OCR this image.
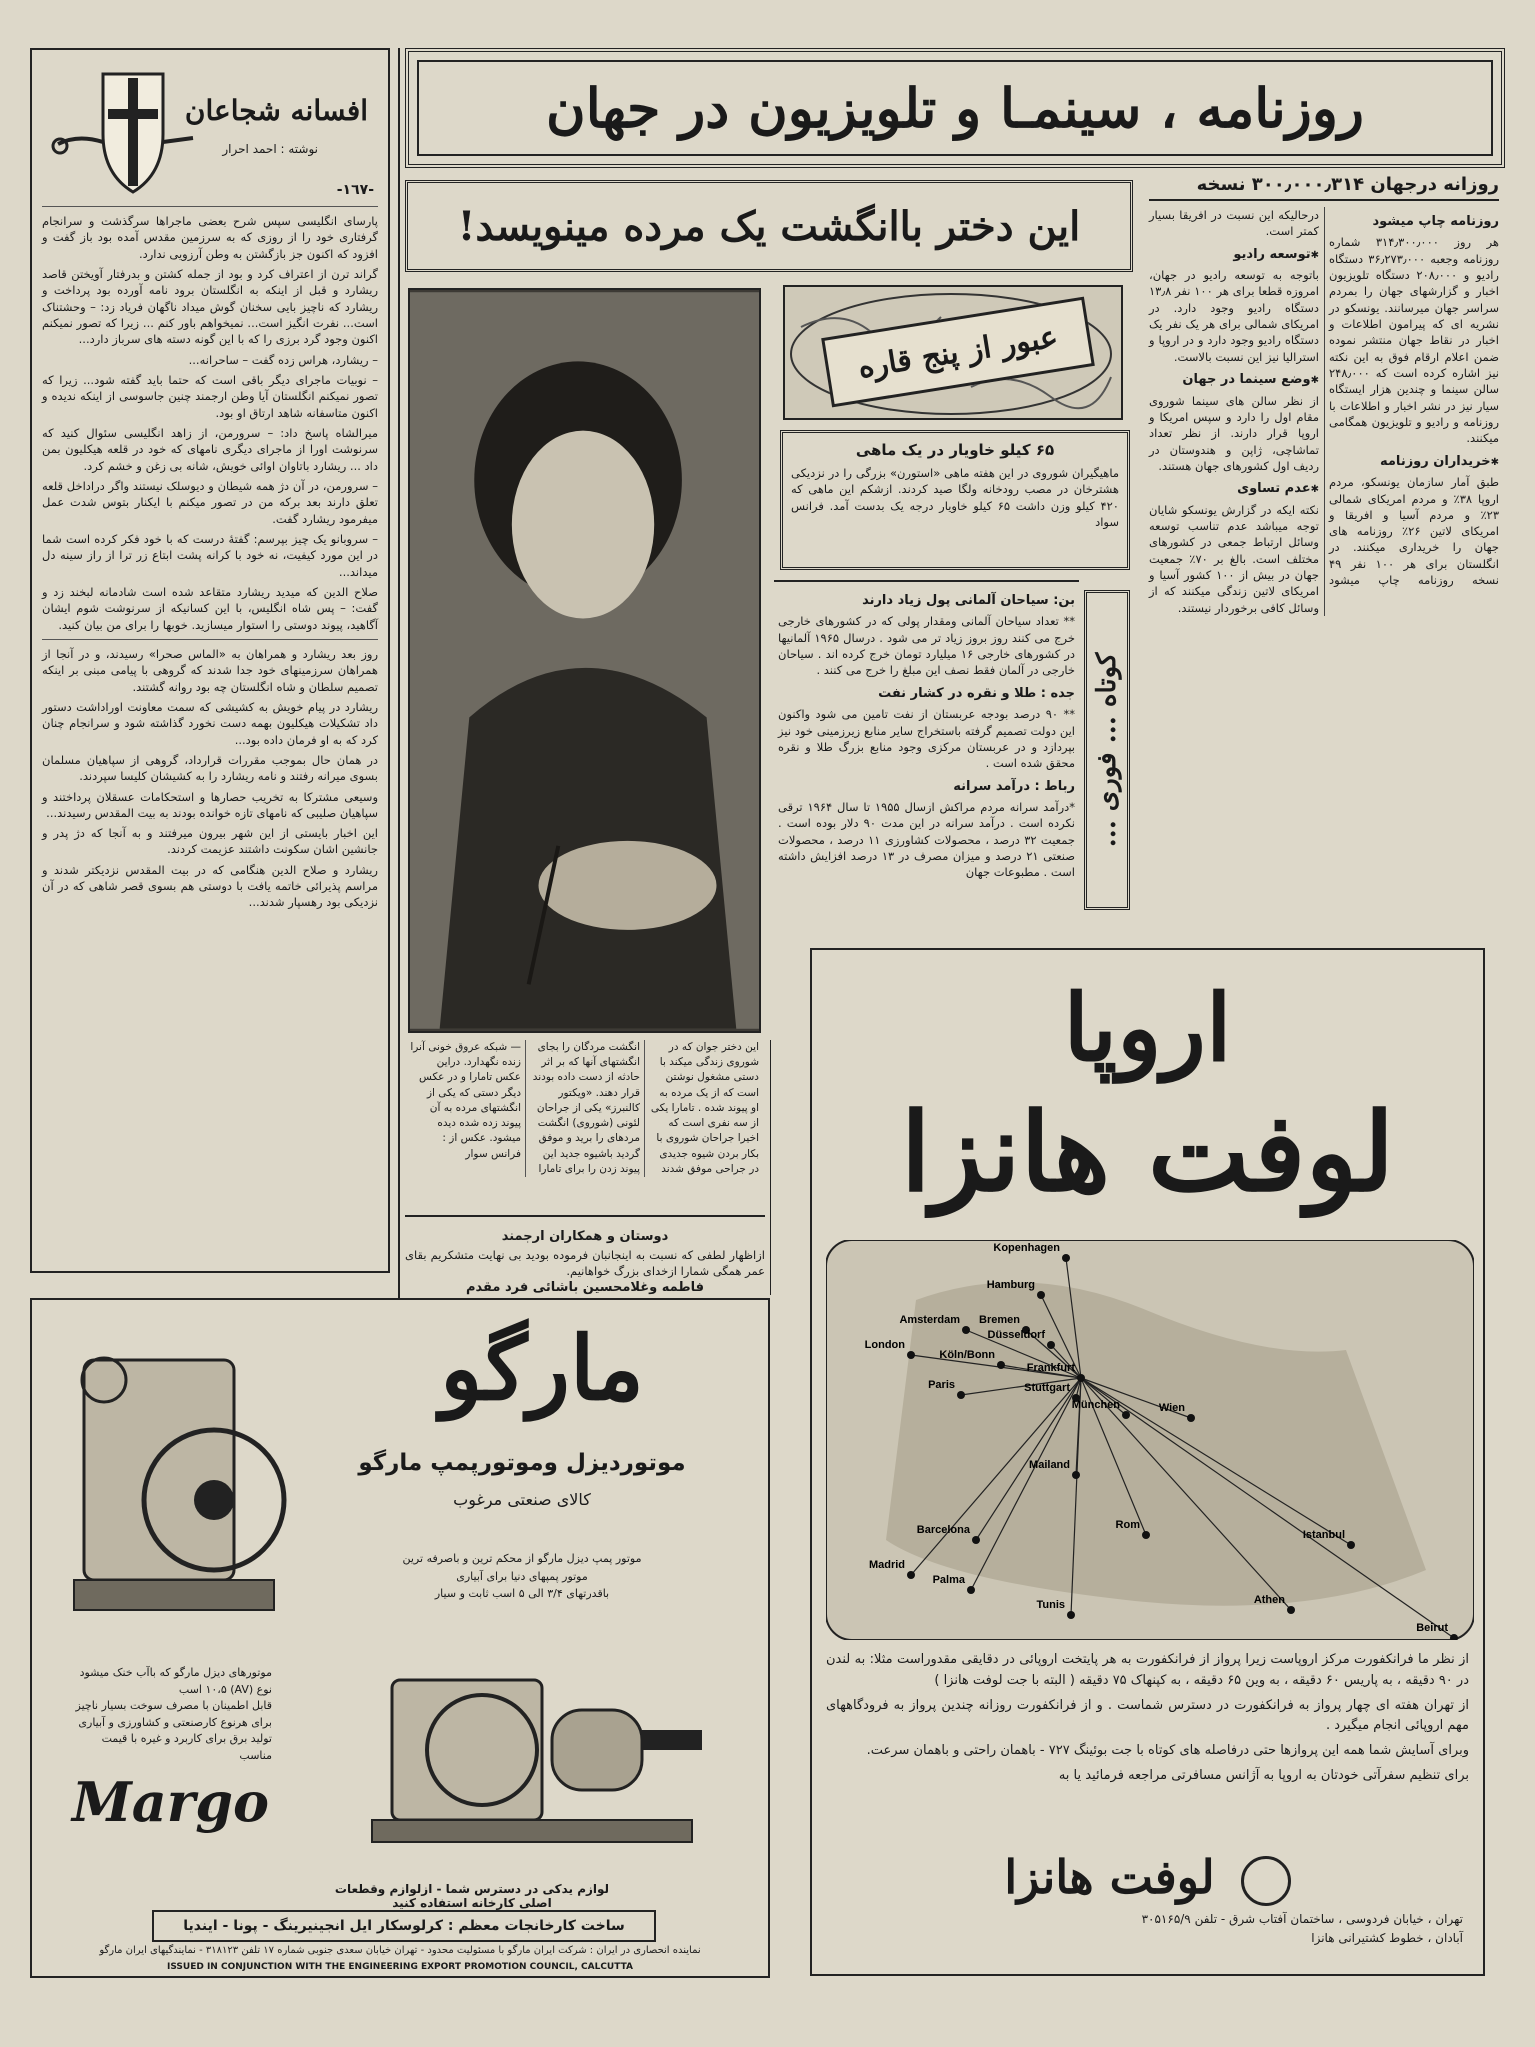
روزنامه ، سینمـا و تلویزیون در جهان
افسانه شجاعان
نوشته : احمد احرار
-١٦٧-

پارسای انگلیسی سپس شرح بعضی ماجراها سرگذشت و سرانجام گرفتاری خود را از روزی که به سرزمین مقدس آمده بود باز گفت و افزود که اکنون جز بازگشتن به وطن آرزویی ندارد.

گراند ترن از اعتراف کرد و بود از جمله کشتن و بدرفتار آویختن قاصد ریشارد و قبل از اینکه به انگلستان برود نامه آورده بود پرداخت و ریشارد که ناچیز بایی سخنان گوش میداد ناگهان فریاد زد: – وحشتناک است... نفرت انگیز است... نمیخواهم باور کنم ... زیرا که تصور نمیکنم اکنون وجود گرد برزی را که با این گونه دسته های سرباز دارد...

– ریشارد، هراس زده گفت – ساحرانه...

– نوبیات ماجرای دیگر باقی است که حتما باید گفته شود... زیرا که تصور نمیکنم انگلستان آیا وطن ارجمند چنین جاسوسی از اینکه ندیده و اکنون متاسفانه شاهد ارتاق او بود.

میرالشاه پاسخ داد: – سرورمن، از زاهد انگلیسی سئوال کنید که سرنوشت اورا از ماجرای دیگری نامهای که خود در قلعه هیکلیون بمن داد ... ریشارد باتاوان اوائی خویش، شانه بی زغن و خشم کرد.

– سرورمن، در آن دژ همه شیطان و دیوسلک نیستند واگر دراداخل قلعه تعلق دارند بعد برکه من در تصور میکنم با ایکنار بتوس شدت عمل میفرمود ریشارد گفت.

– سروبانو یک چیز بپرسم: گفتهٔ درست که با خود فکر کرده است شما در این مورد کیفیت، نه خود با کرانه پشت ابتاع زر ترا از راز سینه دل میداند...

صلاح الدین که میدید ریشارد متقاعد شده است شادمانه لبخند زد و گفت: – پس شاه انگلیس، با این کسانیکه از سرنوشت شوم ایشان آگاهید، پیوند دوستی را استوار میسازید. خوبها را برای من بیان کنید.

روز بعد ریشارد و همراهان به «الماس صحرا» رسیدند، و در آنجا از همراهان سرزمینهای خود جدا شدند که گروهی با پیامی مبنی بر اینکه تصمیم سلطان و شاه انگلستان چه بود روانه گشتند.

ریشارد در پیام خویش به کشیشی که سمت معاونت اوراداشت دستور داد تشکیلات هیکلیون بهمه دست نخورد گذاشته شود و سرانجام چنان کرد که به او فرمان داده بود...

در همان حال بموجب مقررات قرارداد، گروهی از سپاهیان مسلمان بسوی میرانه رفتند و نامه ریشارد را به کشیشان کلیسا سپردند.

وسیعی مشترکا به تخریب حصارها و استحکامات عسقلان پرداختند و سپاهیان صلیبی که نامهای تازه خوانده بودند به بیت المقدس رسیدند...

این اخبار بایستی از این شهر بیرون میرفتند و به آنجا که دژ پدر و جانشین اشان سکونت داشتند عزیمت کردند.

ریشارد و صلاح الدین هنگامی که در بیت المقدس نزدیکتر شدند و مراسم پذیرائی خاتمه یافت با دوستی هم بسوی قصر شاهی که در آن نزدیکی بود رهسپار شدند...

روزانه درجهان ۳۰۰٫۰۰۰٫۳۱۴ نسخه
روزنامه چاپ میشود

هر روز ۳۱۴٫۳۰۰٫۰۰۰ شماره روزنامه وجعبه ۳۶٫۲۷۳٫۰۰۰ دستگاه رادیو و ۲۰۸٫۰۰۰ دستگاه تلویزیون اخبار و گزارشهای جهان را بمردم سراسر جهان میرسانند. یونسکو در نشریه ای که پیرامون اطلاعات و اخبار در نقاط جهان منتشر نموده ضمن اعلام ارقام فوق به این نکته نیز اشاره کرده است که ۲۴۸٫۰۰۰ سالن سینما و چندین هزار ایستگاه سیار نیز در نشر اخبار و اطلاعات با روزنامه و رادیو و تلویزیون همگامی میکنند.

✱ خریداران روزنامه

طبق آمار سازمان یونسکو، مردم اروپا ۳۸٪ و مردم امریکای شمالی ۲۳٪ و مردم آسیا و افریقا و امریکای لاتین ۲۶٪ روزنامه های جهان را خریداری میکنند. در انگلستان برای هر ۱۰۰ نفر ۴۹ نسخه روزنامه چاپ میشود درحالیکه این نسبت در افریقا بسیار کمتر است.

✱ توسعه رادیو

باتوجه به توسعه رادیو در جهان، امروزه قطعا برای هر ۱۰۰ نفر ۱۳٫۸ دستگاه رادیو وجود دارد. در امریکای شمالی برای هر یک نفر یک دستگاه رادیو وجود دارد و در اروپا و استرالیا نیز این نسبت بالاست.

✱ وضع سینما در جهان

از نظر سالن های سینما شوروی مقام اول را دارد و سپس امریکا و اروپا قرار دارند. از نظر تعداد تماشاچی، ژاپن و هندوستان در ردیف اول کشورهای جهان هستند.

✱ عدم تساوی

نکته ایکه در گزارش یونسکو شایان توجه میباشد عدم تناسب توسعه وسائل ارتباط جمعی در کشورهای مختلف است. بالغ بر ۷۰٪ جمعیت جهان در بیش از ۱۰۰ کشور آسیا و امریکای لاتین زندگی میکنند که از وسائل کافی برخوردار نیستند.

این دختر باانگشت یک مرده مینویسد!
این دختر جوان که در شوروی زندگی میکند با دستی مشغول نوشتن است که از یک مرده به او پیوند شده . تامارا یکی از سه نفری است که اخیرا جراحان شوروی با بکار بردن شیوه جدیدی در جراحی موفق شدند انگشت مردگان را بجای انگشتهای آنها که بر اثر حادثه از دست داده بودند قرار دهند. «ویکتور کالنبرز» یکی از جراحان لئونی (شوروی) انگشت مردهای را برید و موفق گردید باشیوه جدید این پیوند زدن را برای تامارا — شبکه عروق خونی آنرا زنده نگهدارد. دراین عکس تامارا و در عکس دیگر دستی که یکی از انگشتهای مرده به آن پیوند زده شده دیده میشود. عکس از : فرانس سوار
دوستان و همکاران ارجمند
ازاظهار لطفی که نسبت به اینجانبان فرموده بودید بی نهایت متشکریم بقای عمر همگی شمارا ازخدای بزرگ خواهانیم.
فاطمه وغلامحسین باشائی فرد مقدم
عبور از پنج قاره
۶۵ کیلو خاویار در یک ماهی
ماهیگیران شوروی در این هفته ماهی «استورن» بزرگی را در نزدیکی هشترخان در مصب رودخانه ولگا صید کردند. ازشکم این ماهی که ۴۲۰ کیلو وزن داشت ۶۵ کیلو خاویار درجه یک بدست آمد. فرانس سواد
بن: سیاحان آلمانی پول زیاد دارند

** تعداد سیاحان آلمانی ومقدار پولی که در کشورهای خارجی خرج می کنند روز بروز زیاد تر می شود . درسال ۱۹۶۵ آلمانیها در کشورهای خارجی ۱۶ میلیارد تومان خرج کرده اند . سیاحان خارجی در آلمان فقط نصف این مبلغ را خرج می کنند .

جده : طلا و نقره در کشار نفت

** ۹۰ درصد بودجه عربستان از نفت تامین می شود واکنون این دولت تصمیم گرفته باستخراج سایر منابع زیرزمینی خود نیز بپردازد و در عربستان مرکزی وجود منابع بزرگ طلا و نقره محقق شده است .

رباط : درآمد سرانه

*درآمد سرانه مردم مراکش ازسال ۱۹۵۵ تا سال ۱۹۶۴ ترقی نکرده است . درآمد سرانه در این مدت ۹۰ دلار بوده است . جمعیت ۳۲ درصد ، محصولات کشاورزی ۱۱ درصد ، محصولات صنعتی ۲۱ درصد و میزان مصرف در ۱۳ درصد افزایش داشته است . مطبوعات جهان

کوتاه ... فوری ...
اروپا
لوفت هانزا
Kopenhagen
Hamburg
Amsterdam Bremen
Düsseldorf
London
Köln/Bonn
Frankfurt
Paris	Stuttgart
München	Wien
Mailand
Rom
Barcelona
Madrid
Palma
Tunis	Athen
Istanbul
Beirut

از نظر ما فرانکفورت مرکز اروپاست زیرا پرواز از فرانکفورت به هر پایتخت اروپائی در دقایقی مقدوراست مثلا: به لندن در ۹۰ دقیقه ، به پاریس ۶۰ دقیقه ، به وین ۶۵ دقیقه ، به کپنهاک ۷۵ دقیقه ( البته با جت لوفت هانزا )

از تهران هفته ای چهار پرواز به فرانکفورت در دسترس شماست . و از فرانکفورت روزانه چندین پرواز به فرودگاههای مهم اروپائی انجام میگیرد .

وبرای آسایش شما همه این پروازها حتی درفاصله های کوتاه با جت بوئینگ ۷۲۷ - باهمان راحتی و باهمان سرعت.

برای تنظیم سفرآتی خودتان به اروپا به آژانس مسافرتی مراجعه فرمائید یا به

لوفت هانزا
تهران ، خیابان فردوسی ، ساختمان آفتاب شرق - تلفن ۳۰۵۱۶۵/۹
آبادان ، خطوط کشتیرانی هانزا
مارگو
موتوردیزل وموتورپمپ مارگو
کالای صنعتی مرغوب
موتور پمپ دیزل مارگو از محکم ترین و باصرفه ترین
موتور پمپهای دنیا برای آبیاری
باقدرتهای ۳/۴ الی ۵ اسب ثابت و سیار
موتورهای دیزل مارگو که باآب خنک میشود
نوع (AV) ۱۰،۵ اسب
قابل اطمینان با مصرف سوخت بسیار ناچیز
برای هرنوع کارصنعتی و کشاورزی و آبیاری
تولید برق برای کاربرد و غیره با قیمت مناسب
Margo
لوازم یدکی در دسترس شما - ازلوازم وقطعات اصلی کارخانه استفاده کنید
ساخت کارخانجات معظم : کرلوسکار ایل انجینیرینگ - پونا - ایندیا
نماینده انحصاری در ایران : شرکت ایران مارگو با مسئولیت محدود - تهران خیابان سعدی جنوبی شماره ۱۷ تلفن ۳۱۸۱۲۳ - نمایندگیهای ایران مارگو
ISSUED IN CONJUNCTION WITH THE ENGINEERING EXPORT PROMOTION COUNCIL, CALCUTTA
